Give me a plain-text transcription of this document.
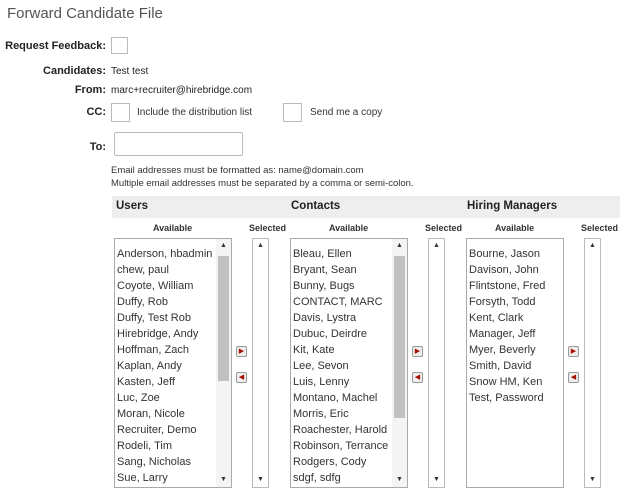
Forward Candidate File
Request Feedback:
Candidates: Test test
From: marc+recruiter@hirebridge.com
CC:	Include the distribution list	Send me a copy
To:
Email addresses must be formatted as: name@domain.com
Multiple email addresses must be separated by a comma or semi-colon.
Users	Contacts	Hiring Managers
Available	Selected
Anderson, hbadmin
chew, paul
Coyote, William
Duffy, Rob
Duffy, Test Rob
Hirebridge, Andy
Hoffman, Zach
Kaplan, Andy
Kasten, Jeff
Luc, Zoe
Moran, Nicole
Recruiter, Demo
Rodeli, Tim
Sang, Nicholas
Sue, Larry
▲
▼
▶
◀
▲
▼
Available	Selected
Bleau, Ellen
Bryant, Sean
Bunny, Bugs
CONTACT, MARC
Davis, Lystra
Dubuc, Deirdre
Kit, Kate
Lee, Sevon
Luis, Lenny
Montano, Machel
Morris, Eric
Roachester, Harold
Robinson, Terrance
Rodgers, Cody
sdgf, sdfg
▲
▼
▶
◀
▲
▼
Available	Selected
Bourne, Jason
Davison, John
Flintstone, Fred
Forsyth, Todd
Kent, Clark
Manager, Jeff
Myer, Beverly
Smith, David
Snow HM, Ken
Test, Password
▶
◀
▲
▼
